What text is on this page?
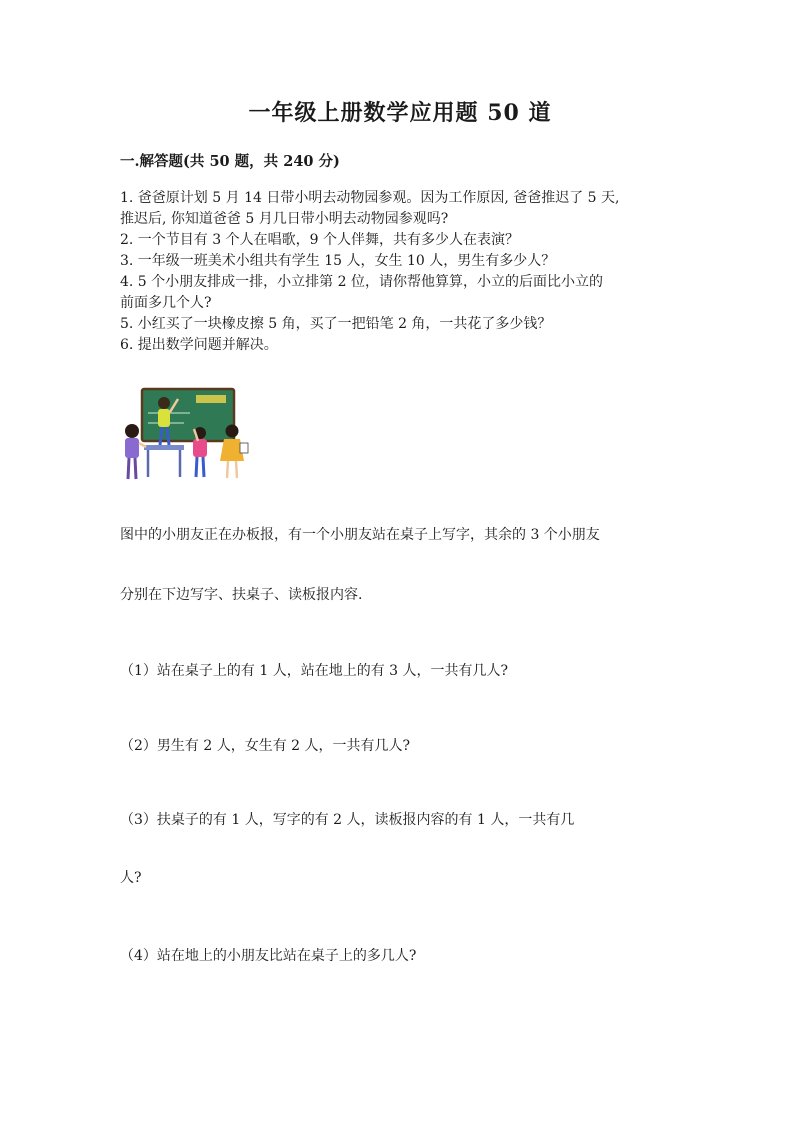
一年级上册数学应用题 50 道
一.解答题(共 50 题，共 240 分)
1. 爸爸原计划 5 月 14 日带小明去动物园参观。因为工作原因, 爸爸推迟了 5 天,
推迟后, 你知道爸爸 5 月几日带小明去动物园参观吗?
2. 一个节目有 3 个人在唱歌，9 个人伴舞，共有多少人在表演？
3. 一年级一班美术小组共有学生 15 人，女生 10 人，男生有多少人？
4. 5 个小朋友排成一排，小立排第 2 位，请你帮他算算，小立的后面比小立的
前面多几个人?
5. 小红买了一块橡皮擦 5 角，买了一把铅笔 2 角，一共花了多少钱？
6. 提出数学问题并解决。
图中的小朋友正在办板报，有一个小朋友站在桌子上写字，其余的 3 个小朋友
分别在下边写字、扶桌子、读板报内容.
（1）站在桌子上的有 1 人，站在地上的有 3 人，一共有几人?
（2）男生有 2 人，女生有 2 人，一共有几人?
（3）扶桌子的有 1 人，写字的有 2 人，读板报内容的有 1 人，一共有几
人?
（4）站在地上的小朋友比站在桌子上的多几人?
